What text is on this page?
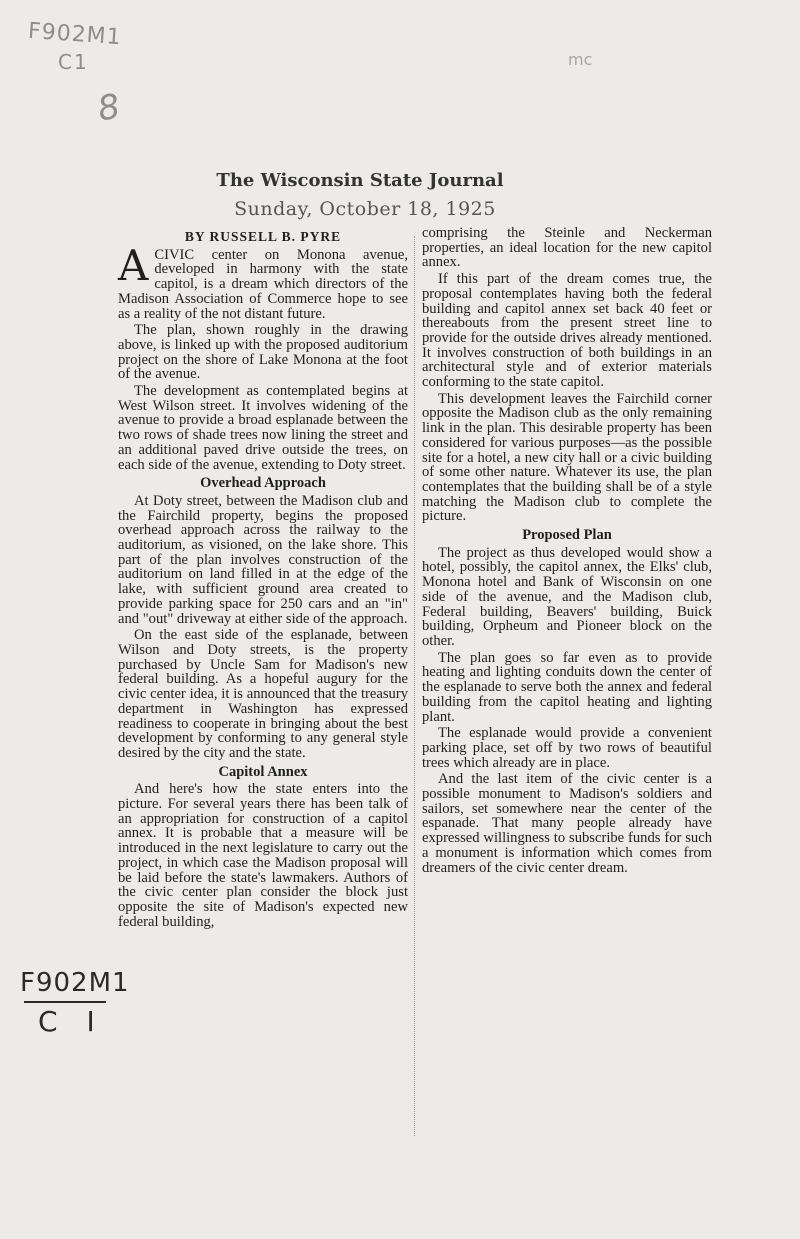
F902M1
C1
8
mc
F902M1
C I
The Wisconsin State Journal
Sunday, October 18, 1925
BY RUSSELL B. PYRE

ACIVIC center on Monona avenue, developed in harmony with the state capitol, is a dream which directors of the Madison Association of Commerce hope to see as a reality of the not distant future.

The plan, shown roughly in the drawing above, is linked up with the proposed auditorium project on the shore of Lake Monona at the foot of the avenue.

The development as contemplated begins at West Wilson street. It involves widening of the avenue to provide a broad esplanade between the two rows of shade trees now lining the street and an additional paved drive outside the trees, on each side of the avenue, extending to Doty street.

Overhead Approach

At Doty street, between the Madison club and the Fairchild property, begins the proposed overhead approach across the railway to the auditorium, as visioned, on the lake shore. This part of the plan involves construction of the auditorium on land filled in at the edge of the lake, with sufficient ground area created to provide parking space for 250 cars and an "in" and "out" driveway at either side of the approach.

On the east side of the esplanade, between Wilson and Doty streets, is the property purchased by Uncle Sam for Madison's new federal building. As a hopeful augury for the civic center idea, it is announced that the treasury department in Washington has expressed readiness to cooperate in bringing about the best development by conforming to any general style desired by the city and the state.

Capitol Annex

And here's how the state enters into the picture. For several years there has been talk of an appropriation for construction of a capitol annex. It is probable that a measure will be introduced in the next legislature to carry out the project, in which case the Madison proposal will be laid before the state's lawmakers. Authors of the civic center plan consider the block just opposite the site of Madison's expected new federal building,

comprising the Steinle and Neckerman properties, an ideal location for the new capitol annex.

If this part of the dream comes true, the proposal contemplates having both the federal building and capitol annex set back 40 feet or thereabouts from the present street line to provide for the outside drives already mentioned. It involves construction of both buildings in an architectural style and of exterior materials conforming to the state capitol.

This development leaves the Fairchild corner opposite the Madison club as the only remaining link in the plan. This desirable property has been considered for various purposes—as the possible site for a hotel, a new city hall or a civic building of some other nature. Whatever its use, the plan contemplates that the building shall be of a style matching the Madison club to complete the picture.

Proposed Plan

The project as thus developed would show a hotel, possibly, the capitol annex, the Elks' club, Monona hotel and Bank of Wisconsin on one side of the avenue, and the Madison club, Federal building, Beavers' building, Buick building, Orpheum and Pioneer block on the other.

The plan goes so far even as to provide heating and lighting conduits down the center of the esplanade to serve both the annex and federal building from the capitol heating and lighting plant.

The esplanade would provide a convenient parking place, set off by two rows of beautiful trees which already are in place.

And the last item of the civic center is a possible monument to Madison's soldiers and sailors, set somewhere near the center of the espanade. That many people already have expressed willingness to subscribe funds for such a monument is information which comes from dreamers of the civic center dream.
